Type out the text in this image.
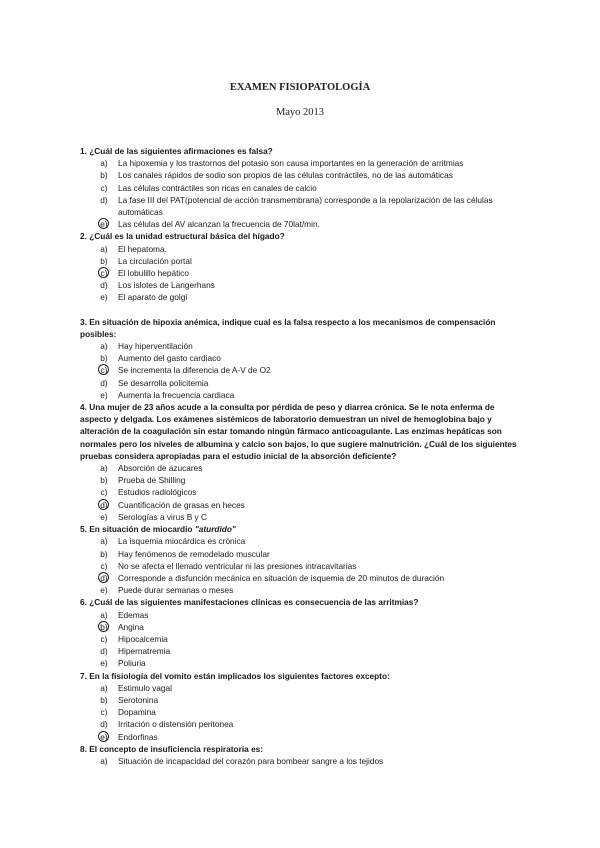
EXAMEN FISIOPATOLOGÍA
Mayo 2013
1. ¿Cuál de las siguientes afirmaciones es falsa?
a) La hipoxemia y los trastornos del potasio son causa importantes en la generación de arritmias
b) Los canales rápidos de sodio son propios de las células contráctiles, no de las automáticas
c)	Las células contráctiles son ricas en canales de calcio
d) La fase III del PAT(potencial de acción transmembrana) corresponde a la repolarización de las células automáticas
e) Las células del AV alcanzan la frecuencia de 70lat/min.
2. ¿Cuál es la unidad estructural básica del hígado?
a) El hepatoma.
b) La circulación portal
c)	El lobulillo hepático
d) Los islotes de Langerhans
e) El aparato de golgi
3. En situación de hipoxia anémica, indique cual es la falsa respecto a los mecanismos de compensación posibles:
a) Hay hiperventilación
b) Aumento del gasto cardiaco
c)	Se incrementa la diferencia de A-V de O2
d) Se desarrolla policitemia
e) Aumenta la frecuencia cardiaca
4. Una mujer de 23 años acude a la consulta por pérdida de peso y diarrea crónica. Se le nota enferma de aspecto y delgada. Los exámenes sistémicos de laboratorio demuestran un nivel de hemoglobina bajo y alteración de la coagulación sin estar tomando ningún fármaco anticoagulante. Las enzimas hepáticas son normales pero los niveles de albumina y calcio son bajos, lo que sugiere malnutrición. ¿Cuál de los siguientes pruebas considera apropiadas para el estudio inicial de la absorción deficiente?
a) Absorción de azucares
b) Prueba de Shilling
c)	Estudios radiológicos
d) Cuantificación de grasas en heces
e) Serologías a virus B y C
5. En situación de miocardio "aturdido"
a) La isquemia miocárdica es crónica
b) Hay fenómenos de remodelado muscular
c)	No se afecta el llenado ventricular ni las presiones intracavitarias
d) Corresponde a disfunción mecánica en situación de isquemia de 20 minutos de duración
e) Puede durar semanas o meses
6. ¿Cuál de las siguientes manifestaciones clínicas es consecuencia de las arritmias?
a) Edemas
b) Angina
c)	Hipocalcemia
d) Hipernatremia
e) Poliuria
7. En la fisiología del vomito están implicados los siguientes factores excepto:
a) Estimulo vagal
b) Serotonina
c)	Dopamina
d) Irritación o distensión peritonea
e) Endorfinas
8. El concepto de insuficiencia respiratoria es:
a) Situación de incapacidad del corazón para bombear sangre a los tejidos
